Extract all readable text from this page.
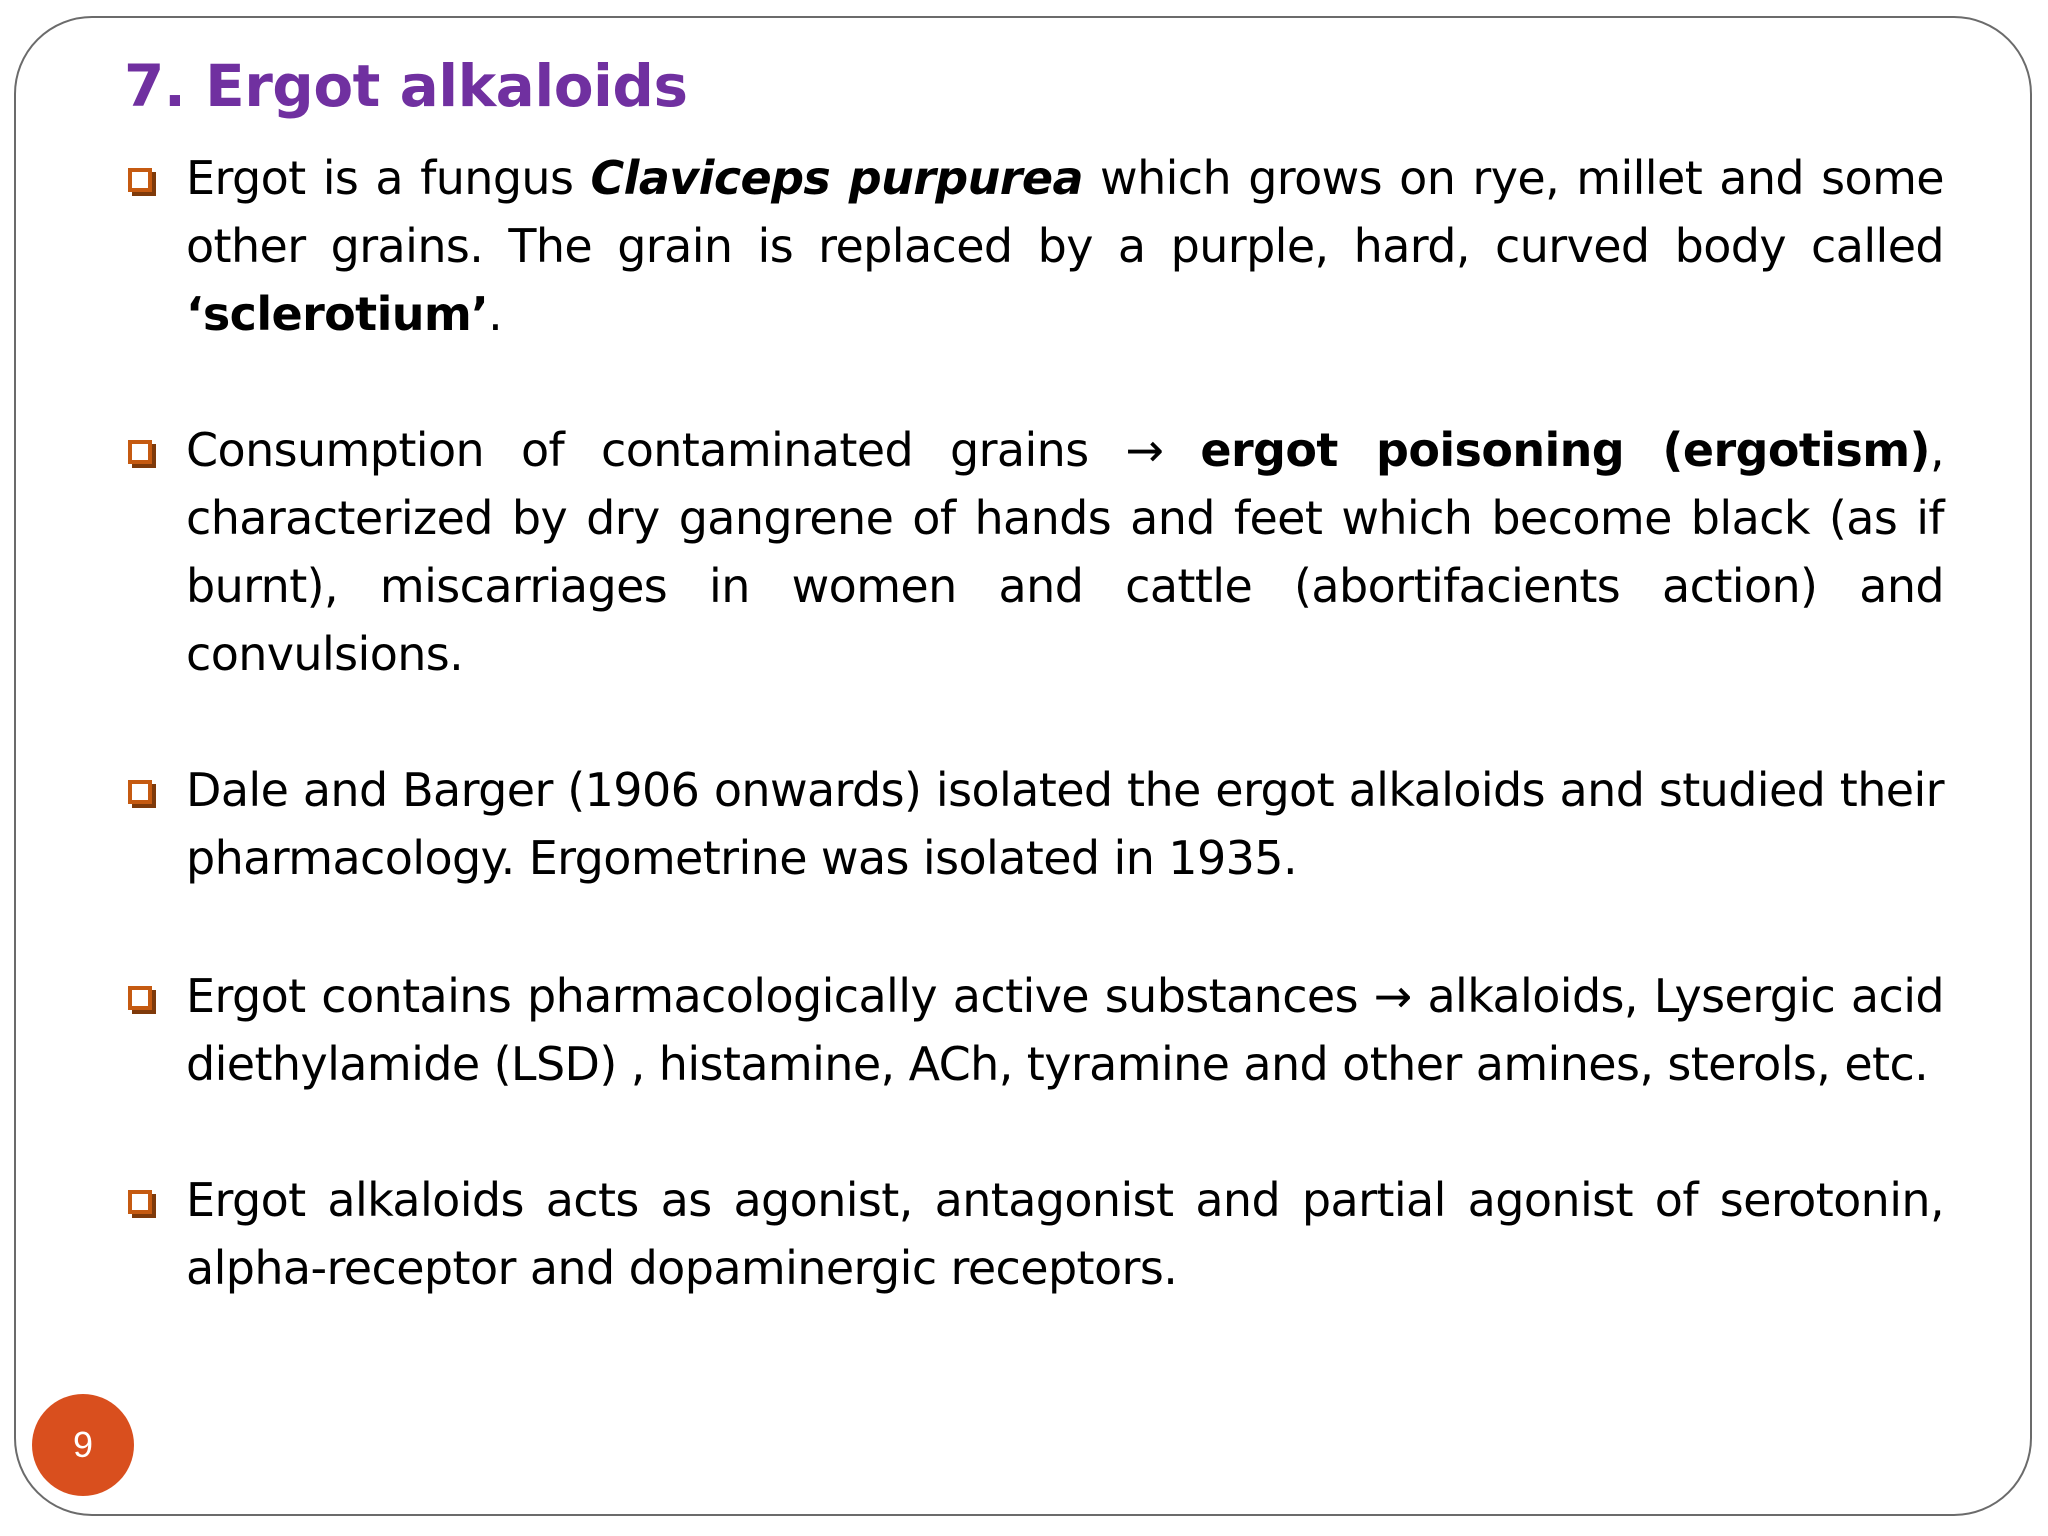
7. Ergot alkaloids
Ergot is a fungus Claviceps purpurea which grows on rye, millet and some other grains. The grain is replaced by a purple, hard, curved body called ‘sclerotium’.
Consumption of contaminated grains → ergot poisoning (ergotism), characterized by dry gangrene of hands and feet which become black (as if burnt), miscarriages in women and cattle (abortifacients action) and convulsions.
Dale and Barger (1906 onwards) isolated the ergot alkaloids and studied their pharmacology. Ergometrine was isolated in 1935.
Ergot contains pharmacologically active substances → alkaloids, Lysergic acid diethylamide (LSD) , histamine, ACh, tyramine and other amines, sterols, etc.
Ergot alkaloids acts as agonist, antagonist and partial agonist of serotonin, alpha-receptor and dopaminergic receptors.
9
